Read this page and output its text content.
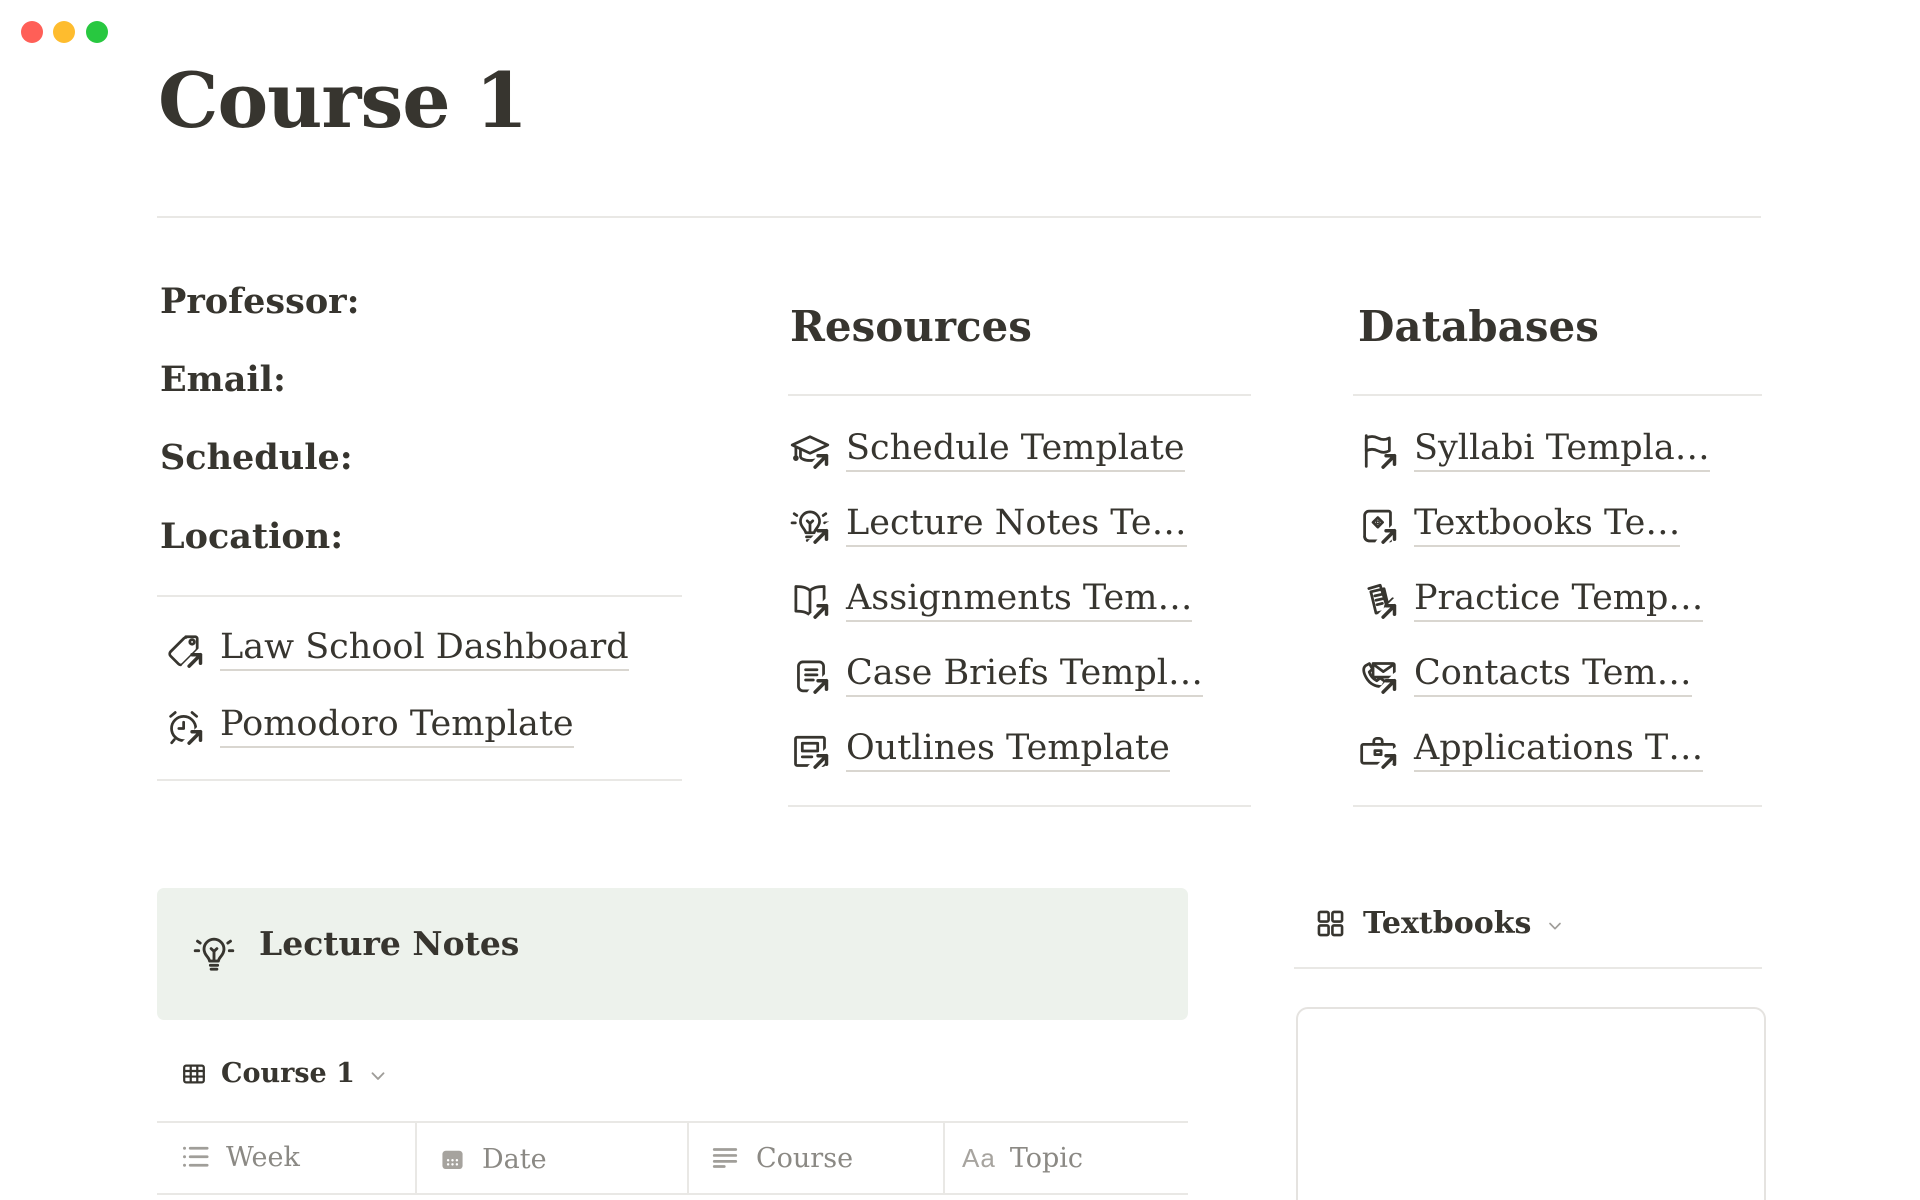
Course 1
Professor:
Email:
Schedule:
Location:
Law School Dashboard
Pomodoro Template
Resources
Schedule Template
Lecture Notes Te…
Assignments Tem…
Case Briefs Templ…
Outlines Template
Databases
Syllabi Templa…
Textbooks Te…
Practice Temp…
Contacts Tem…
Applications T…
Lecture Notes
Course 1
Week	Date	Course	Aa Topic
Textbooks
